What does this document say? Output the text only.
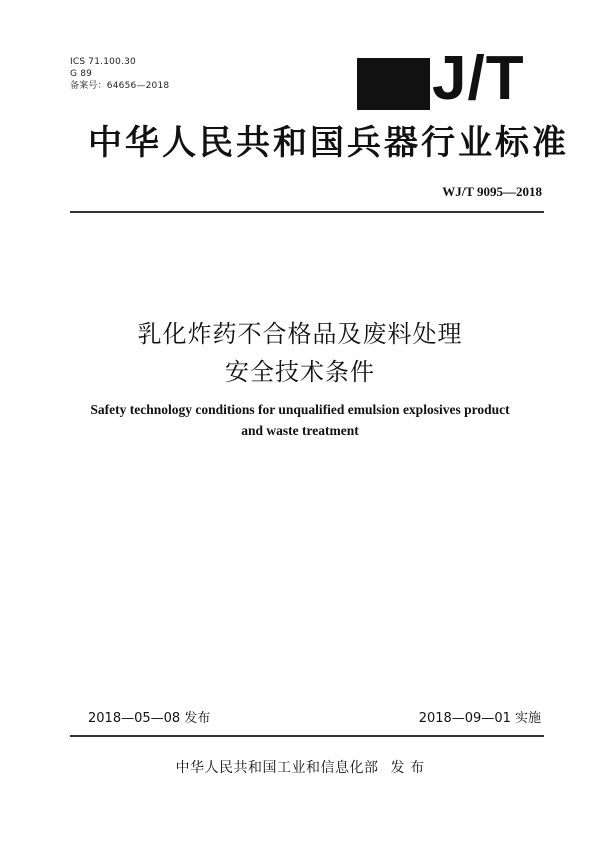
ICS 71.100.30
G 89
备案号：64656—2018	J/T
中华人民共和国兵器行业标准
WJ/T 9095—2018
乳化炸药不合格品及废料处理
安全技术条件
Safety technology conditions for unqualified emulsion explosives product
and waste treatment
2018—05—08 发布	2018—09—01 实施
中华人民共和国工业和信息化部 发 布
